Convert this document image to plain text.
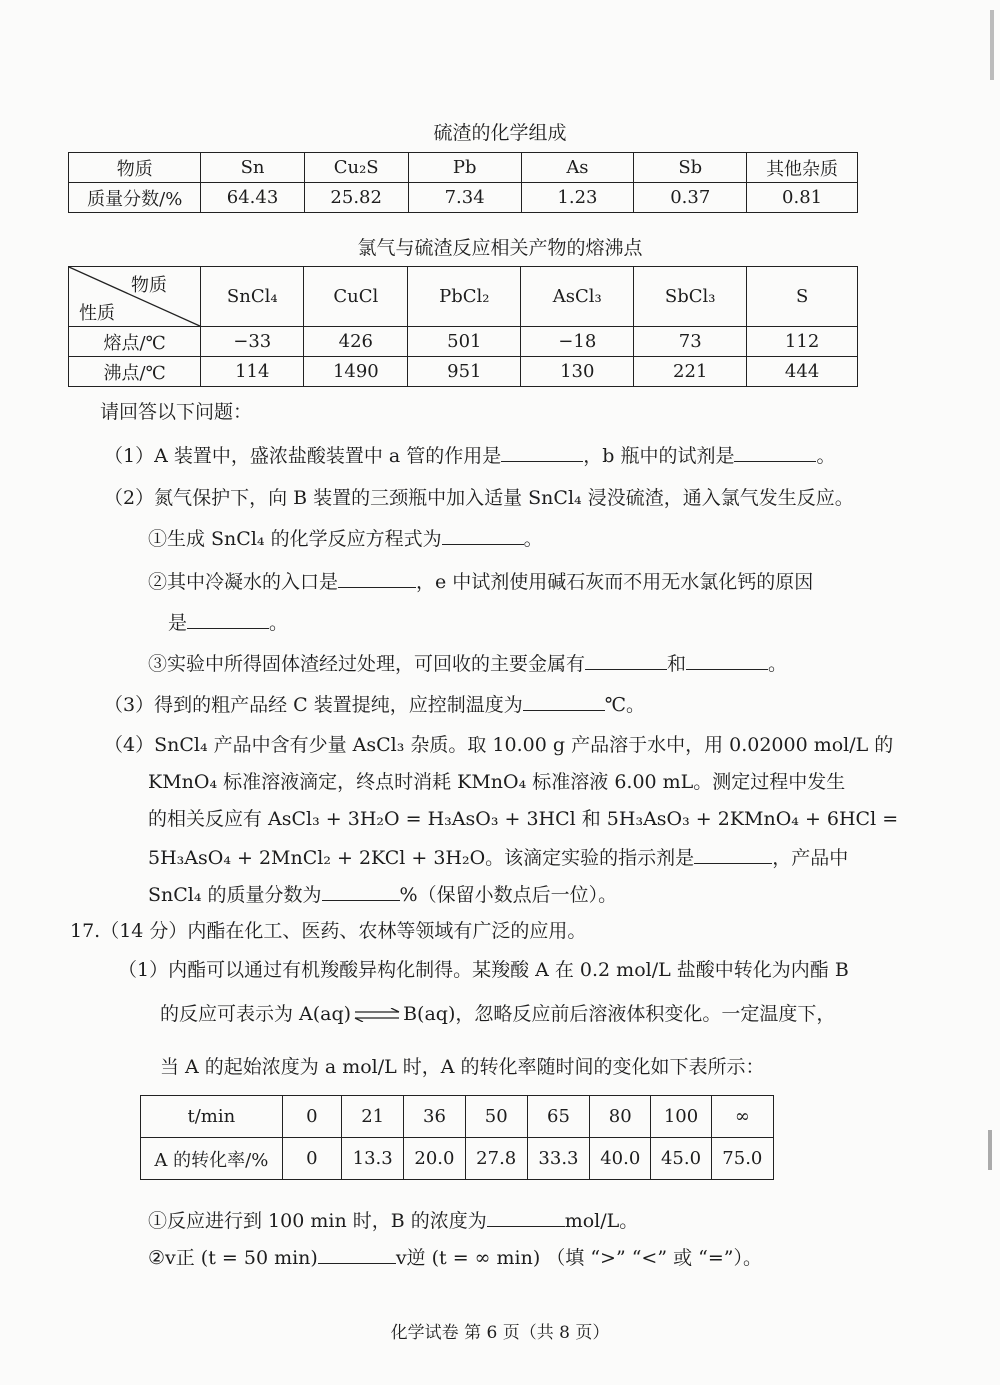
硫渣的化学组成
物质	Sn	Cu₂S	Pb	As	Sb	其他杂质
质量分数/%	64.43	25.82	7.34	1.23	0.37	0.81
氯气与硫渣反应相关产物的熔沸点
物质
性质	SnCl₄	CuCl	PbCl₂	AsCl₃	SbCl₃	S
熔点/℃	−33	426	501	−18	73	112
沸点/℃	114	1490	951	130	221	444
请回答以下问题：
（1）A 装置中，盛浓盐酸装置中 a 管的作用是	，b 瓶中的试剂是	。
（2）氮气保护下，向 B 装置的三颈瓶中加入适量 SnCl₄ 浸没硫渣，通入氯气发生反应。
①生成 SnCl₄ 的化学反应方程式为	。
②其中冷凝水的入口是	，e 中试剂使用碱石灰而不用无水氯化钙的原因
是	。
③实验中所得固体渣经过处理，可回收的主要金属有	和	。
（3）得到的粗产品经 C 装置提纯，应控制温度为	℃。
（4）SnCl₄ 产品中含有少量 AsCl₃ 杂质。取 10.00 g 产品溶于水中，用 0.02000 mol/L 的
KMnO₄ 标准溶液滴定，终点时消耗 KMnO₄ 标准溶液 6.00 mL。测定过程中发生
的相关反应有 AsCl₃ + 3H₂O = H₃AsO₃ + 3HCl 和 5H₃AsO₃ + 2KMnO₄ + 6HCl =
5H₃AsO₄ + 2MnCl₂ + 2KCl + 3H₂O。该滴定实验的指示剂是	，产品中
SnCl₄ 的质量分数为	%（保留小数点后一位）。
17.（14 分）内酯在化工、医药、农林等领域有广泛的应用。
（1）内酯可以通过有机羧酸异构化制得。某羧酸 A 在 0.2 mol/L 盐酸中转化为内酯 B
的反应可表示为 A(aq) ⇌ B(aq)，忽略反应前后溶液体积变化。一定温度下，
当 A 的起始浓度为 a mol/L 时，A 的转化率随时间的变化如下表所示：
t/min	0	21	36	50	65	80	100	∞
A 的转化率/%	0	13.3	20.0	27.8	33.3	40.0	45.0	75.0
①反应进行到 100 min 时，B 的浓度为	mol/L。
②v正 (t = 50 min)	v逆 (t = ∞ min) （填 “>” “<” 或 “=”）。
化学试卷 第 6 页（共 8 页）
